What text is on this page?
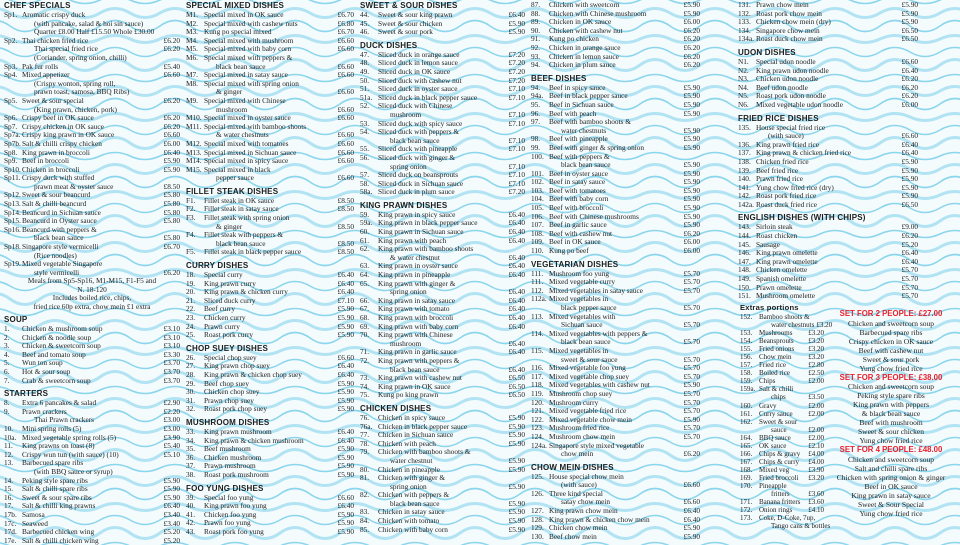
CHEF SPECIALS
Sp1. Aromatic crispy duck
(with pancake, salad & hoi sin sauce)
Quarter £8.00 Half £15.50 Whole £30.00
Sp2. Thai chicken fried rice	£6.20
Thai special fried rice	£6.20
(Coriander, spring onion, chilli)
Sp3. Pak fur rolls	£5.40
Sp4. Mixed appetizer	£6.60
(Crispy wonton, spring roll,
prawn toast, samosa, BBQ Ribs)
Sp5. Sweet & sour special	£6.20
(King prawn, chicken, pork)
Sp6. Crispy beef in OK sauce	£6.20
Sp7. Crispy chicken in OK sauce	£6.20
Sp7a. Crispy king prawn in OK sauce	£6.60
Sp7b. Salt & chilli crispy chicken	£6.00
Sp8. King prawn in broccoli	£6.40
Sp9. Beef in broccoli	£5.90
Sp10. Chicken in broccoli	£5.90
Sp11. Crispy duck with stuffed
prawn meat & oyster sauce	£8.50
Sp12. Sweet & sour beancurd	£5.80
Sp13. Salt & chilli beancurd	£5.80
Sp14. Beancurd in Sichuan sauce	£5.80
Sp15. Beancurd in Oyster sauce	£5.80
Sp16. Beancurd with peppers &
black bean sauce	£5.80
Sp18. Singapore style vermicelli	£6.70
(Rice noodles)
Sp19. Mixed vegetable Singapore
style vermicelli	£6.20
Meals from Sp5-Sp16, M1-M15, F1-F5 and
N. 18-120
Includes boiled rice, chips,
fried rice 60p extra, chow mein £1 extra
SOUP
1.	Chicken & mushroom soup	£3.10
2.	Chicken & noodle soup	£3.10
3.	Chicken & sweetcorn soup	£3.10
4.	Beef and tomato soup	£3.30
5.	Wun ton soup	£3.70
6.	Hot & sour soup	£3.70
7.	Crab & sweetcorn soup	£3.70
STARTERS
8.	Extra 6 pancakes & salad	£2.90
9.	Prawn crackers	£2.20
Thai Prawn crackers	£3.00
10.	Mini spring rolls (5)	£3.00
10a. Mixed vegetable spring rolls (5)	£3.90
11.	King prawns on toast (8)	£5.40
12.	Crispy wun tun (with sauce) (10)	£5.10
13.	Barbecued spare ribs
(with BBQ sauce or syrup)
14.	Peking style spare ribs	£5.90
15.	Salt & chilli spare ribs	£5.90
16.	Sweet & sour spare ribs	£5.90
17.	Salt & chilli king prawns	£6.40
17b. Samosa	£3.40
17c. Seaweed	£3.40
17d. Barbecued chicken wing	£5.20
17e. Salt & chilli chicken wing	£5.20
SPECIAL MIXED DISHES
M1. Special mixed in OK sauce	£6.70
M2. Special mixed with cashew nuts	£6.80
M3. Kung po special mixed	£6.70
M4. Special mixed with mushroom	£6.60
M5. Special mixed with baby corn	£6.60
M6. Special mixed with peppers &
black bean sauce	£6.60
M7. Special mixed in satay sauce	£6.60
M8. Special mixed with spring onion
& ginger	£6.60
M9. Special mixed with Chinese
mushroom	£6.60
M10. Special mixed in oyster sauce	£6.60
M11. Special mixed with bamboo shoots
& water chestnuts	£6.60
M12. Special mixed with tomatoes	£6.60
M13. Special mixed in Sichuan sauce	£6.60
M14. Special mixed in spicy sauce	£6.60
M15. Special mixed in black
pepper sauce	£6.60
FILLET STEAK DISHES
F1.	Fillet steak in OK sauce	£8.50
F2.	Fillet steak in satay sauce	£8.50
F3.	Fillet steak with spring onion
& ginger	£8.50
F4.	Fillet steak with peppers &
black bean sauce	£8.50
F5.	Fillet steak in black pepper sauce	£8.50
CURRY DISHES
18.	Special curry	£6.40
19.	King prawn curry	£6.40
20.	King prawn & chicken curry	£6.40
21.	Sliced duck curry	£7.10
22.	Beef curry	£5.90
23.	Chicken curry	£5.90
24.	Prawn curry	£5.90
25.	Roast pork curry	£5.90
CHOP SUEY DISHES
26.	Special chop suey	£6.60
27.	King prawn chop suey	£6.40
28.	King prawn & chicken chop suey	£6.40
29.	Beef chop suey	£5.90
30.	Chicken chop suey	£5.90
31.	Prawn chop suey	£5.90
32.	Roast pork chop suey	£5.90
MUSHROOM DISHES
33.	King prawn mushroom	£6.40
34.	King prawn & chicken mushroom	£6.40
35.	Beef mushroom	£5.90
36.	Chicken mushroom	£5.90
37.	Prawn mushroom	£5.90
38.	Roast pork mushroom	£5.90
FOO YUNG DISHES
39.	Special foo yung	£6.60
40.	King prawn foo yung	£6.40
41.	Chicken foo yung	£5.90
42.	Prawn foo yung	£5.90
43.	Roast pork foo yung	£5.90
SWEET & SOUR DISHES
44.	Sweet & sour king prawn	£6.40
45.	Sweet & sour chicken	£5.90
46.	Sweet & sour pork	£5.90
DUCK DISHES
47.	Sliced duck in orange sauce	£7.20
48.	Sliced duck in lemon sauce	£7.20
49.	Sliced duck in OK sauce	£7.20
50.	Sliced duck with cashew nut	£7.20
51.	Sliced duck in oyster sauce	£7.10
51a. Sliced duck in black pepper sauce	£7.10
52.	Sliced duck with Chinese
mushroom	£7.10
53.	Sliced duck with spicy sauce	£7.10
54.	Sliced duck with peppers &
black bean sauce	£7.10
55.	Sliced duck with pineapple	£7.10
56.	Sliced duck with ginger &
spring onion	£7.10
57.	Sliced duck on beansprouts	£7.10
58.	Sliced duck in Sichuan sauce	£7.10
58a. Sliced duck in plum sauce	£7.20
KING PRAWN DISHES
59.	King prawn in spicy sauce	£6.40
59a. King prawn in black pepper sauce	£6.40
60.	King prawn in Sichuan sauce	£6.40
61.	King prawn with peach	£6.40
62.	King prawn with bamboo shoots
& water chestnut	£6.40
63.	King prawn in oyster sauce	£6.40
64.	King prawn in pineapple	£6.40
65.	King prawn with ginger &
spring onion	£6.40
66.	King prawn in satay sauce	£6.40
67.	King prawn with tomato	£6.40
68.	King prawn with broccoli	£6.40
69.	King prawn with baby corn	£6.40
70.	King prawn with Chinese
mushroom	£6.40
71.	King prawn in garlic sauce	£6.40
72.	King prawn with peppers &
black bean sauce	£6.40
73.	King prawn with cashew nut	£6.50
74.	King prawn in OK sauce	£6.50
75.	Kung po king prawn	£6.50
CHICKEN DISHES
76.	Chicken in spicy sauce	£5.90
76a. Chicken in black pepper sauce	£5.90
77.	Chicken in Sichuan sauce	£5.90
78.	Chicken with peach	£5.90
79.	Chicken with bamboo shoots &
water chestnut	£5.90
80.	Chicken in pineapple	£5.90
81.	Chicken with ginger &
spring onion	£5.90
82.	Chicken with peppers &
black bean sauce	£5.90
83.	Chicken in satay sauce	£5.90
84.	Chicken with tomato	£5.90
85.	Chicken with baby corn	£5.90
87.	Chicken with sweetcorn	£5.90
88.	Chicken with Chinese mushroom	£5.90
89.	Chicken in OK sauce	£6.00
90.	Chicken with cashew nut	£6.20
91.	Kung po chicken	£6.20
92.	Chicken in orange sauce	£6.20
93.	Chicken in lemon sauce	£6.20
94.	Chicken in plum sauce	£6.20
BEEF DISHES
94.	Beef in spicy sauce	£5.90
94a. Beef in black pepper sauce	£5.90
95.	Beef in Sichuan sauce	£5.90
96.	Beef with peach	£5.90
97.	Beef with bamboo shoots &
water chestnuts	£5.90
98.	Beef with pineapple	£5.90
99.	Beef with ginger & spring onion	£5.90
100. Beef with peppers &
black bean sauce	£5.90
101. Beef in oyster sauce	£5.90
102. Beef in satay sauce	£5.90
103. Beef with tomatoes	£5.90
104. Beef with baby corn	£5.90
105. Beef with broccoli	£5.90
106. Beef with Chinese mushrooms	£5.90
107. Beef in garlic sauce	£5.90
108. Beef with cashew nut	£6.20
109. Beef in OK sauce	£6.00
110. Kung po beef	£6.00
VEGETARIAN DISHES
111. Mushroom foo yung	£5.70
111. Mixed vegetable curry	£5.70
112. Mixed vegetables in satay sauce	£5.70
112a. Mixed vegetables in
black pepper sauce	£5.70
113. Mixed vegetables with
Sichuan sauce	£5.70
114. Mixed vegetables with peppers &
black bean sauce	£5.70
115. Mixed vegetables in
sweet & sour sauce	£5.70
116. Mixed vegetable foo yung	£5.70
117. Mixed vegetable chop suey	£5.70
118. Mixed vegetables with cashew nut	£5.90
119. Mushroom chop suey	£5.70
120. Mushroom curry	£5.70
121. Mixed vegetable fried rice	£5.70
122. Mixed vegetable chow mein	£5.90
123. Mushroom fried rice	£5.70
124. Mushroom chow mein	£5.70
124a. Singapore style mixed vegetable
chow mein	£6.20
CHOW MEIN DISHES
125. House special chow mein
(with sauce)	£6.60
126. Three kind special
satay chow mein	£6.60
127. King prawn chow mein	£6.40
128. King prawn & chicken chow mein	£6.40
129. Chicken chow mein	£5.90
130. Beef chow mein	£5.90
131. Prawn chow mein	£5.90
132. Roast pork chow mein	£5.90
133. Chicken chow mein (dry)	£5.90
134. Singapore chow mein	£6.50
134a. Roast duck chow mein	£6.50
UDON DISHES
N1. Special udon noodle	£6.60
N2. King prawn udon noodle	£6.40
N3. Chicken udon noodle	£6.20
N4. Beef udon noodle	£6.20
N5. Roast pork udon noodle	£6.20
N6. Mixed vegetable udon noodle	£6.00
FRIED RICE DISHES
135. House special fried rice
(with sauce)	£6.60
136. King prawn fried rice	£6.40
137. King prawn & chicken fried rice	£6.40
138. Chicken fried rice	£5.90
139. Beef fried rice	£5.90
140. Prawn fried rice	£5.90
141. Yung chow fried rice (dry)	£5.90
142. Roast pork fried rice	£5.90
142a. Roast duck fried rice	£6.50
ENGLISH DISHES (WITH CHIPS)
143. Sirloin steak	£9.00
144. Roast chicken	£6.20
145. Sausage	£5.20
146. King prawn omelette	£6.40
147. King prawn omelette	£6.40
148. Chicken omelette	£5.70
149. Spanish omelette	£5.70
150. Prawn omelette	£5.70
151. Mushroom omelette	£5.70
Extras portions
152. Bamboo shoots &
water chestnuts £3.20
153. Mushrooms	£3.20
154. Beansprouts	£3.20
155. Fried onions	£3.20
156. Chow mein	£3.20
157. Fried rice	£2.80
158. Boiled rice	£2.50
159. Chips	£2.00
159a. Salt & chilli
chips	£3.50
160. Gravy	£2.00
161. Curry sauce	£2.00
162. Sweet & sour
sauce	£2.00
164. BBQ sauce	£2.00
165. OK sauce	£2.10
166. Chips & gravy	£4.00
167. Chips & curry	£4.00
168. Mixed veg	£3.90
169. Fried broccoli	£3.20
170. Pineapple
fritters	£3.60
171. Banana fritters	£3.60
172. Onion rings	£4.10
173. Coke, D-Coke, 7up,
Tango cans & bottles
SET FOR 2 PEOPLE: £27.00
Chicken and sweetcorn soup
Barbecued spare ribs
Crispy chicken in OK sauce
Beef with cashew nut
Sweet & sour pork
Yung chow fried rice
SET FOR 3 PEOPLE: £38.00
Chicken and sweetcorn soup
Peking style spare ribs
King prawn with peppers
& black bean sauce
Beef with mushroom
Sweet & sour chicken
Yung chow fried rice
SET FOR 4 PEOPLE: £48.00
Chicken and sweetcorn soup
Salt and chilli spare ribs
Chicken with spring onion & ginger
Beef in OK sauce
King prawn in satay sauce
Sweet & Sour Special
Yung chow fried rice
